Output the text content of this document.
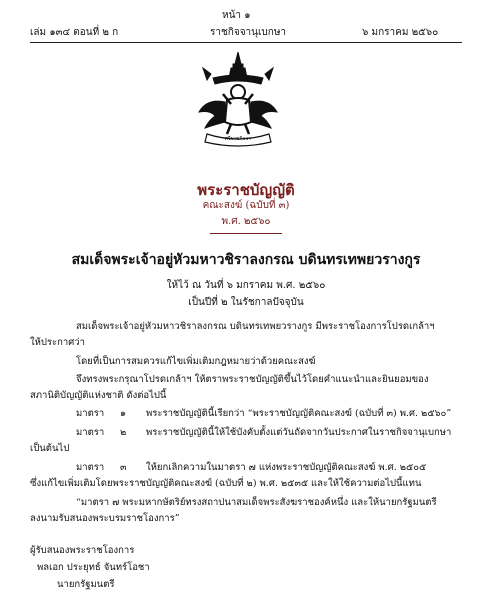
หน้า ๑
เล่ม ๑๓๔ ตอนที่ ๒ ก	ราชกิจจานุเบกษา	๖ มกราคม ๒๕๖๐
ศรีราชกิจจา
พระราชบัญญัติ
คณะสงฆ์ (ฉบับที่ ๓)
พ.ศ. ๒๕๖๐
สมเด็จพระเจ้าอยู่หัวมหาวชิราลงกรณ บดินทรเทพยวรางกูร
ให้ไว้ ณ วันที่ ๖ มกราคม พ.ศ. ๒๕๖๐
เป็นปีที่ ๒ ในรัชกาลปัจจุบัน
สมเด็จพระเจ้าอยู่หัวมหาวชิราลงกรณ บดินทรเทพยวรางกูร มีพระราชโองการโปรดเกล้าฯ
ให้ประกาศว่า
โดยที่เป็นการสมควรแก้ไขเพิ่มเติมกฎหมายว่าด้วยคณะสงฆ์
จึงทรงพระกรุณาโปรดเกล้าฯ ให้ตราพระราชบัญญัติขึ้นไว้โดยคำแนะนำและยินยอมของ
สภานิติบัญญัติแห่งชาติ ดังต่อไปนี้
มาตรา ๑ พระราชบัญญัตินี้เรียกว่า “พระราชบัญญัติคณะสงฆ์ (ฉบับที่ ๓) พ.ศ. ๒๕๖๐”
มาตรา ๒ พระราชบัญญัตินี้ให้ใช้บังคับตั้งแต่วันถัดจากวันประกาศในราชกิจจานุเบกษา
เป็นต้นไป
มาตรา ๓ ให้ยกเลิกความในมาตรา ๗ แห่งพระราชบัญญัติคณะสงฆ์ พ.ศ. ๒๕๐๕
ซึ่งแก้ไขเพิ่มเติมโดยพระราชบัญญัติคณะสงฆ์ (ฉบับที่ ๒) พ.ศ. ๒๕๓๕ และให้ใช้ความต่อไปนี้แทน
“มาตรา ๗ พระมหากษัตริย์ทรงสถาปนาสมเด็จพระสังฆราชองค์หนึ่ง และให้นายกรัฐมนตรี
ลงนามรับสนองพระบรมราชโองการ”
ผู้รับสนองพระราชโองการ
พลเอก ประยุทธ์ จันทร์โอชา
นายกรัฐมนตรี
